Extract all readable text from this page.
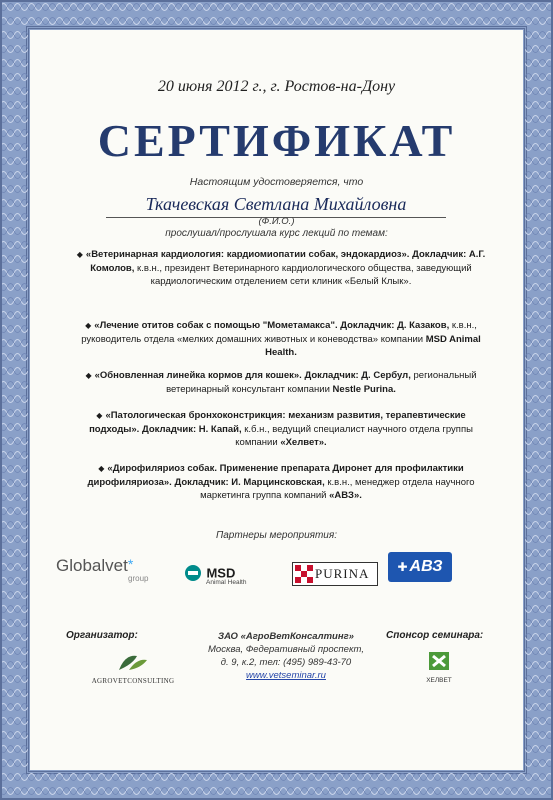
20 июня 2012 г., г. Ростов-на-Дону
СЕРТИФИКАТ
Настоящим удостоверяется, что
Ткачевская Светлана Михайловна
(Ф.И.О.)
прослушал/прослушала курс лекций по темам:
◆ «Ветеринарная кардиология: кардиомиопатии собак, эндокардиоз». Докладчик: А.Г. Комолов, к.в.н., президент Ветеринарного кардиологического общества, заведующий кардиологическим отделением сети клиник «Белый Клык».
◆ «Лечение отитов собак с помощью "Мометамакса". Докладчик: Д. Казаков, к.в.н., руководитель отдела «мелких домашних животных и коневодства» компании MSD Animal Health.
◆ «Обновленная линейка кормов для кошек». Докладчик: Д. Сербул, региональный ветеринарный консультант компании Nestle Purina.
◆ «Патологическая бронхоконстрикция: механизм развития, терапевтические подходы». Докладчик: Н. Капай, к.б.н., ведущий специалист научного отдела группы компании «Хелвет».
◆ «Дирофиляриоз собак. Применение препарата Диронет для профилактики дирофиляриоза». Докладчик: И. Марцинсковская, к.в.н., менеджер отдела научного маркетинга группа компаний «АВЗ».
Партнеры мероприятия:
Globalvet*
group	MSD
Animal Health
PURINA ✚ АВЗ
Организатор:	Спонсор семинара:
ЗАО «АгроВетКонсалтинг»
Москва, Федеративный проспект,
д. 9, к.2, тел: (495) 989-43-70
www.vetseminar.ru
AGROVETCONSULTING	ХЕЛВЕТ
